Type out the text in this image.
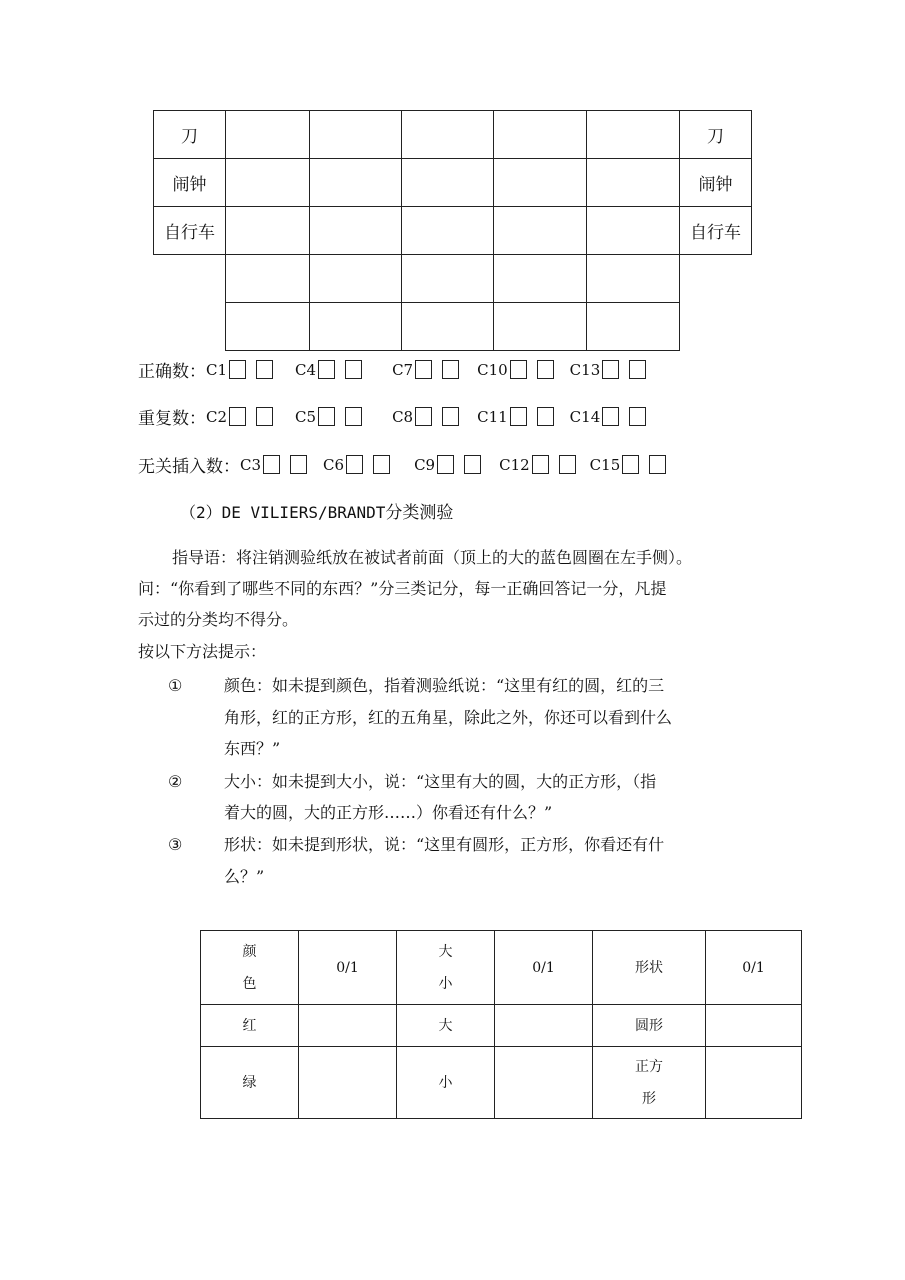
刀						刀
闹钟						闹钟
自行车						自行车

正确数： C1	C4	C7	C10	C13
重复数： C2	C5	C8	C11	C14
无关插入数： C3	C6	C9	C12	C15
（2）DE VILIERS/BRANDT分类测验
指导语：将注销测验纸放在被试者前面（顶上的大的蓝色圆圈在左手侧）。
问：“你看到了哪些不同的东西？”分三类记分，每一正确回答记一分，凡提
示过的分类均不得分。
按以下方法提示：
①	颜色：如未提到颜色，指着测验纸说：“这里有红的圆，红的三
角形，红的正方形，红的五角星，除此之外，你还可以看到什么
东西？”
②	大小：如未提到大小，说：“这里有大的圆，大的正方形，（指
着大的圆，大的正方形……）你看还有什么？”
③	形状：如未提到形状，说：“这里有圆形，正方形，你看还有什
么？”
颜色	0/1	大小	0/1	形状	0/1
红		大		圆形	
绿		小		正方形	
